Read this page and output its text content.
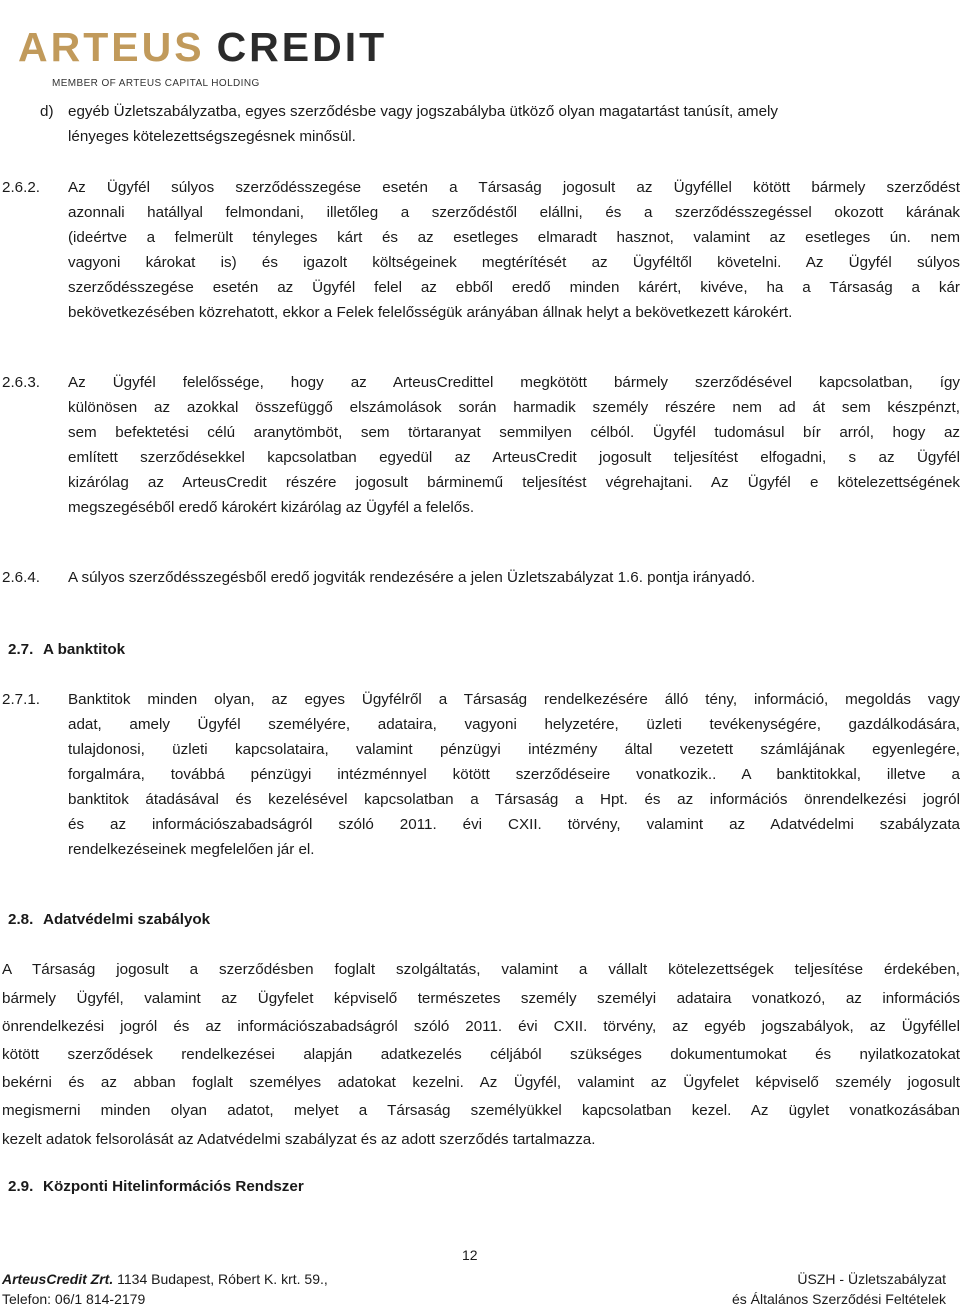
ARTEUS CREDIT
MEMBER OF ARTEUS CAPITAL HOLDING
d) egyéb Üzletszabályzatba, egyes szerződésbe vagy jogszabályba ütköző olyan magatartást tanúsít, amely
lényeges kötelezettségszegésnek minősül.
2.6.2. Az Ügyfél súlyos szerződésszegése esetén a Társaság jogosult az Ügyféllel kötött bármely szerződést
azonnali hatállyal felmondani, illetőleg a szerződéstől elállni, és a szerződésszegéssel okozott kárának
(ideértve a felmerült tényleges kárt és az esetleges elmaradt hasznot, valamint az esetleges ún. nem
vagyoni károkat is) és igazolt költségeinek megtérítését az Ügyféltől követelni. Az Ügyfél súlyos
szerződésszegése esetén az Ügyfél felel az ebből eredő minden kárért, kivéve, ha a Társaság a kár
bekövetkezésében közrehatott, ekkor a Felek felelősségük arányában állnak helyt a bekövetkezett károkért.
2.6.3. Az Ügyfél felelőssége, hogy az ArteusCredittel megkötött bármely szerződésével kapcsolatban, így
különösen az azokkal összefüggő elszámolások során harmadik személy részére nem ad át sem készpénzt,
sem befektetési célú aranytömböt, sem törtaranyat semmilyen célból. Ügyfél tudomásul bír arról, hogy az
említett szerződésekkel kapcsolatban egyedül az ArteusCredit jogosult teljesítést elfogadni, s az Ügyfél
kizárólag az ArteusCredit részére jogosult bárminemű teljesítést végrehajtani. Az Ügyfél e kötelezettségének
megszegéséből eredő károkért kizárólag az Ügyfél a felelős.
2.6.4. A súlyos szerződésszegésből eredő jogviták rendezésére a jelen Üzletszabályzat 1.6. pontja irányadó.
2.7. A banktitok
2.7.1. Banktitok minden olyan, az egyes Ügyfélről a Társaság rendelkezésére álló tény, információ, megoldás vagy
adat, amely Ügyfél személyére, adataira, vagyoni helyzetére, üzleti tevékenységére, gazdálkodására,
tulajdonosi, üzleti kapcsolataira, valamint pénzügyi intézmény által vezetett számlájának egyenlegére,
forgalmára, továbbá pénzügyi intézménnyel kötött szerződéseire vonatkozik.. A banktitokkal, illetve a
banktitok átadásával és kezelésével kapcsolatban a Társaság a Hpt. és az információs önrendelkezési jogról
és az információszabadságról szóló 2011. évi CXII. törvény, valamint az Adatvédelmi szabályzata
rendelkezéseinek megfelelően jár el.
2.8. Adatvédelmi szabályok
A Társaság jogosult a szerződésben foglalt szolgáltatás, valamint a vállalt kötelezettségek teljesítése érdekében,
bármely Ügyfél, valamint az Ügyfelet képviselő természetes személy személyi adataira vonatkozó, az információs
önrendelkezési jogról és az információszabadságról szóló 2011. évi CXII. törvény, az egyéb jogszabályok, az Ügyféllel
kötött szerződések rendelkezései alapján adatkezelés céljából szükséges dokumentumokat és nyilatkozatokat
bekérni és az abban foglalt személyes adatokat kezelni. Az Ügyfél, valamint az Ügyfelet képviselő személy jogosult
megismerni minden olyan adatot, melyet a Társaság személyükkel kapcsolatban kezel. Az ügylet vonatkozásában
kezelt adatok felsorolását az Adatvédelmi szabályzat és az adott szerződés tartalmazza.
2.9. Központi Hitelinformációs Rendszer
12
ArteusCredit Zrt. 1134 Budapest, Róbert K. krt. 59.,
Telefon: 06/1 814-2179
ÜSZH - Üzletszabályzat
és Általános Szerződési Feltételek
